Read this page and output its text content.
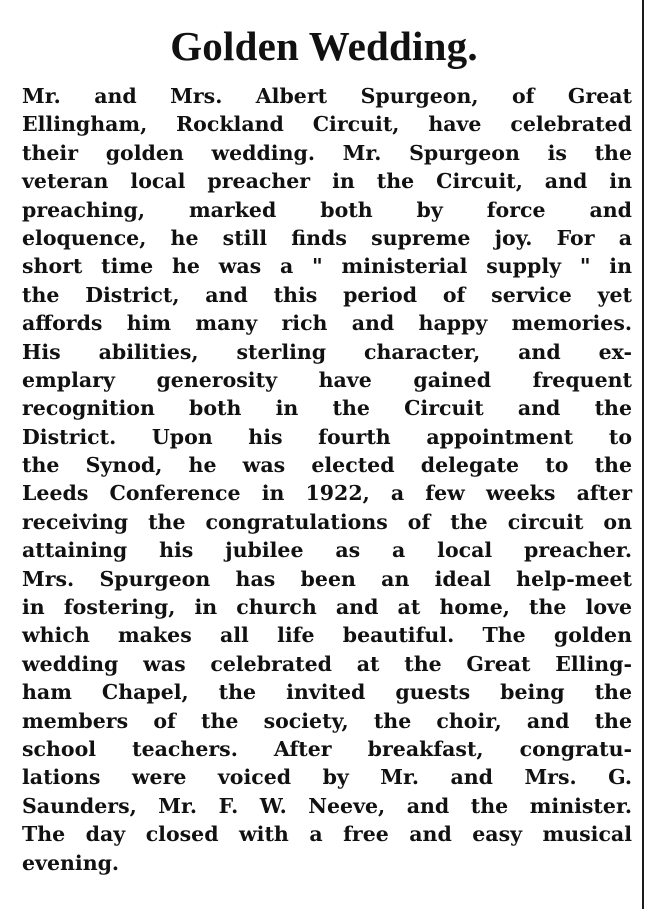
Golden Wedding.
Mr. and Mrs. Albert Spurgeon, of Great
Ellingham, Rockland Circuit, have celebrated
their golden wedding. Mr. Spurgeon is the
veteran local preacher in the Circuit, and in
preaching, marked both by force and
eloquence, he still finds supreme joy. For a
short time he was a " ministerial supply " in
the District, and this period of service yet
affords him many rich and happy memories.
His abilities, sterling character, and ex-
emplary generosity have gained frequent
recognition both in the Circuit and the
District. Upon his fourth appointment to
the Synod, he was elected delegate to the
Leeds Conference in 1922, a few weeks after
receiving the congratulations of the circuit on
attaining his jubilee as a local preacher.
Mrs. Spurgeon has been an ideal help-meet
in fostering, in church and at home, the love
which makes all life beautiful. The golden
wedding was celebrated at the Great Elling-
ham Chapel, the invited guests being the
members of the society, the choir, and the
school teachers. After breakfast, congratu-
lations were voiced by Mr. and Mrs. G.
Saunders, Mr. F. W. Neeve, and the minister.
The day closed with a free and easy musical
evening.
